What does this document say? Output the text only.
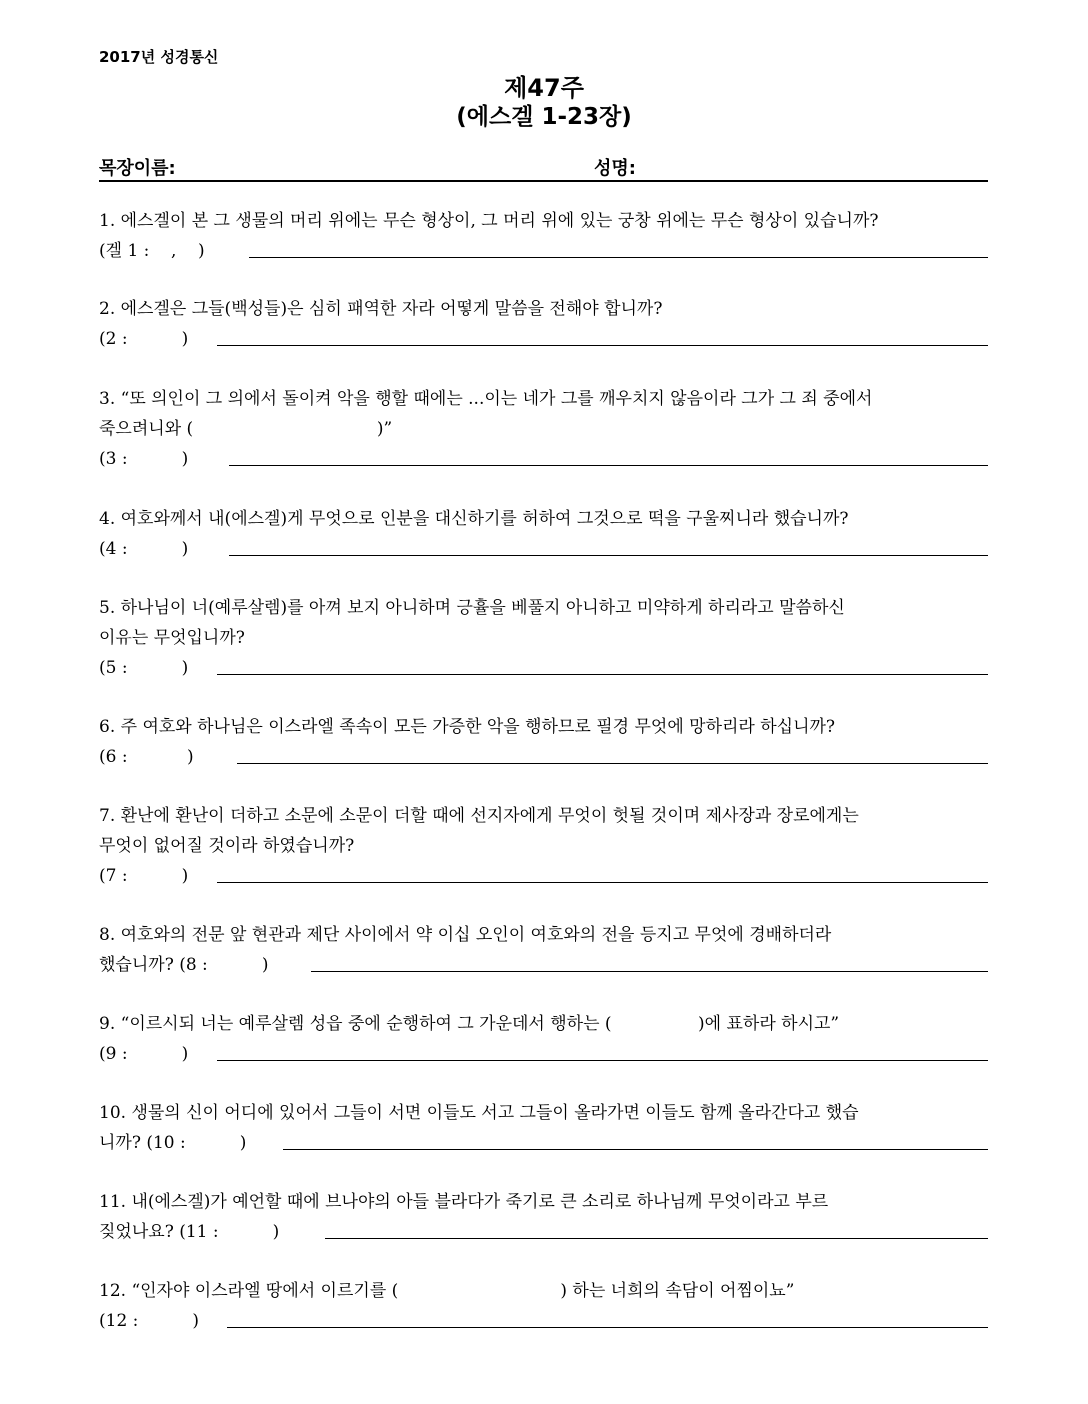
2017년 성경통신
제47주
(에스겔 1-23장)
목장이름:	성명:
1. 에스겔이 본 그 생물의 머리 위에는 무슨 형상이, 그 머리 위에 있는 궁창 위에는 무슨 형상이 있습니까?
(겔 1 :    ,    )
2. 에스겔은 그들(백성들)은 심히 패역한 자라 어떻게 말씀을 전해야 합니까?
(2 :          )
3. “또 의인이 그 의에서 돌이켜 악을 행할 때에는 ...이는 네가 그를 깨우치지 않음이라 그가 그 죄 중에서
죽으려니와 (                                  )”
(3 :          )
4. 여호와께서 내(에스겔)게 무엇으로 인분을 대신하기를 허하여 그것으로 떡을 구울찌니라 했습니까?
(4 :          )
5. 하나님이 너(예루살렘)를 아껴 보지 아니하며 긍휼을 베풀지 아니하고 미약하게 하리라고 말씀하신
이유는 무엇입니까?
(5 :          )
6. 주 여호와 하나님은 이스라엘 족속이 모든 가증한 악을 행하므로 필경 무엇에 망하리라 하십니까?
(6 :           )
7. 환난에 환난이 더하고 소문에 소문이 더할 때에 선지자에게 무엇이 헛될 것이며 제사장과 장로에게는
무엇이 없어질 것이라 하였습니까?
(7 :          )
8. 여호와의 전문 앞 현관과 제단 사이에서 약 이십 오인이 여호와의 전을 등지고 무엇에 경배하더라
했습니까? (8 :          )
9. “이르시되 너는 예루살렘 성읍 중에 순행하여 그 가운데서 행하는 (                )에 표하라 하시고”
(9 :          )
10. 생물의 신이 어디에 있어서 그들이 서면 이들도 서고 그들이 올라가면 이들도 함께 올라간다고 했습
니까? (10 :          )
11. 내(에스겔)가 예언할 때에 브나야의 아들 블라다가 죽기로 큰 소리로 하나님께 무엇이라고 부르
짖었나요? (11 :          )
12. “인자야 이스라엘 땅에서 이르기를 (                              ) 하는 너희의 속담이 어찜이뇨”
(12 :          )
